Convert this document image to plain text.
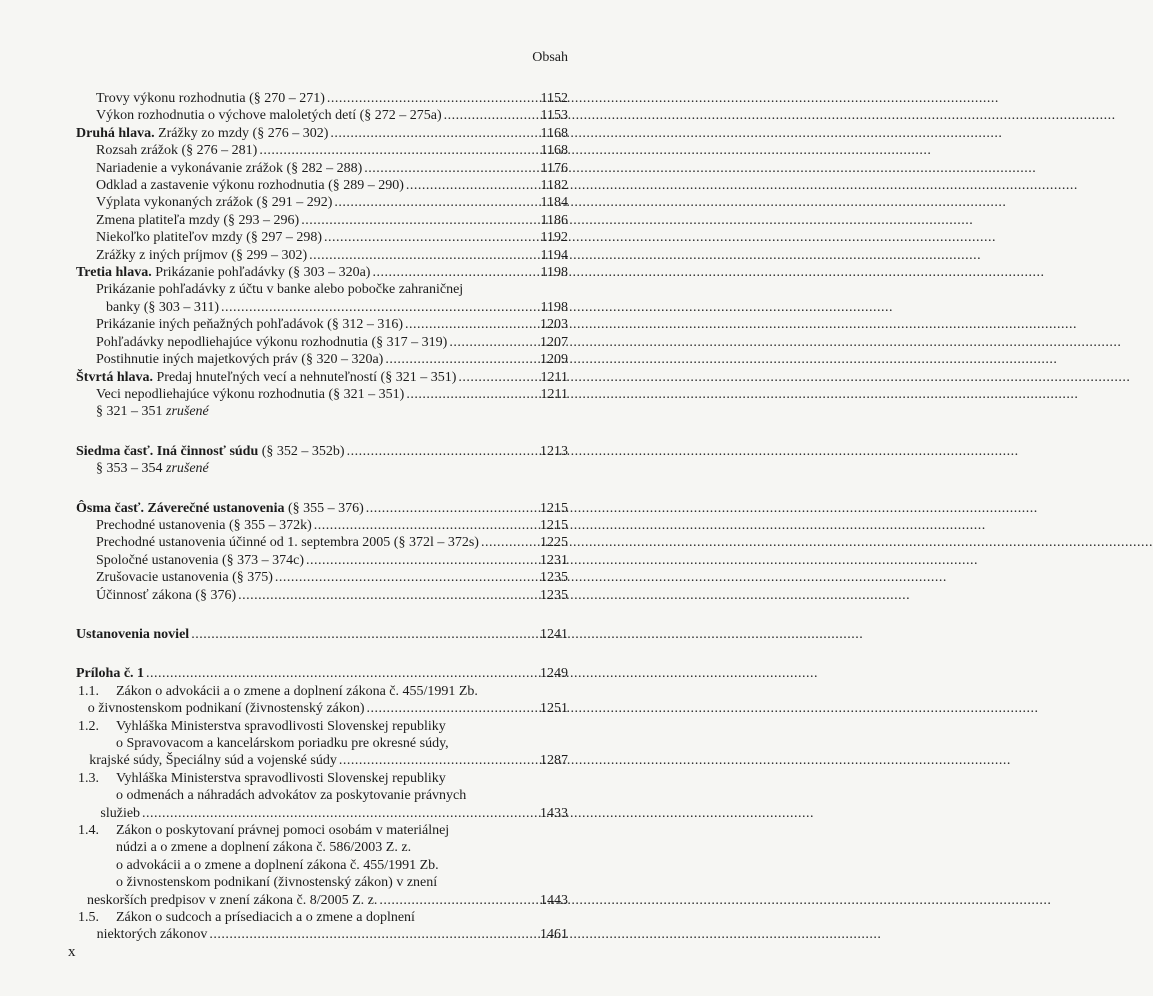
Obsah
Trovy výkonu rozhodnutia (§ 270 – 271) .....	1152
Výkon rozhodnutia o výchove maloletých detí (§ 272 – 275a) .....	1153
Druhá hlava. Zrážky zo mzdy (§ 276 – 302) .....	1168
Rozsah zrážok (§ 276 – 281) .....	1168
Nariadenie a vykonávanie zrážok (§ 282 – 288) .....	1176
Odklad a zastavenie výkonu rozhodnutia (§ 289 – 290) .....	1182
Výplata vykonaných zrážok (§ 291 – 292) .....	1184
Zmena platiteľa mzdy (§ 293 – 296) .....	1186
Niekoľko platiteľov mzdy (§ 297 – 298) .....	1192
Zrážky z iných príjmov (§ 299 – 302) .....	1194
Tretia hlava. Prikázanie pohľadávky (§ 303 – 320a) .....	1198
Prikázanie pohľadávky z účtu v banke alebo pobočke zahraničnej
banky (§ 303 – 311) .....	1198
Prikázanie iných peňažných pohľadávok (§ 312 – 316) .....	1203
Pohľadávky nepodliehajúce výkonu rozhodnutia (§ 317 – 319) .....	1207
Postihnutie iných majetkových práv (§ 320 – 320a) .....	1209
Štvrtá hlava. Predaj hnuteľných vecí a nehnuteľností (§ 321 – 351) .....	1211
Veci nepodliehajúce výkonu rozhodnutia (§ 321 – 351) .....	1211
§ 321 – 351 zrušené
Siedma časť. Iná činnosť súdu (§ 352 – 352b) .....	1213
§ 353 – 354 zrušené
Ôsma časť. Záverečné ustanovenia (§ 355 – 376) .....	1215
Prechodné ustanovenia (§ 355 – 372k) .....	1215
Prechodné ustanovenia účinné od 1. septembra 2005 (§ 372l – 372s) .....	1225
Spoločné ustanovenia (§ 373 – 374c) .....	1231
Zrušovacie ustanovenia (§ 375) .....	1235
Účinnosť zákona (§ 376) .....	1235
Ustanovenia noviel .....	1241
Príloha č. 1 .....	1249
1.1.	Zákon o advokácii a o zmene a doplnení zákona č. 455/1991 Zb.
o živnostenskom podnikaní (živnostenský zákon) .....	1251
1.2.	Vyhláška Ministerstva spravodlivosti Slovenskej republiky
o Spravovacom a kancelárskom poriadku pre okresné súdy,
krajské súdy, Špeciálny súd a vojenské súdy .....	1287
1.3.	Vyhláška Ministerstva spravodlivosti Slovenskej republiky
o odmenách a náhradách advokátov za poskytovanie právnych
služieb .....	1433
1.4.	Zákon o poskytovaní právnej pomoci osobám v materiálnej
núdzi a o zmene a doplnení zákona č. 586/2003 Z. z.
o advokácii a o zmene a doplnení zákona č. 455/1991 Zb.
o živnostenskom podnikaní (živnostenský zákon) v znení
neskorších predpisov v znení zákona č. 8/2005 Z. z. .....	1443
1.5.	Zákon o sudcoch a prísediacich a o zmene a doplnení
niektorých zákonov .....	1461
x
